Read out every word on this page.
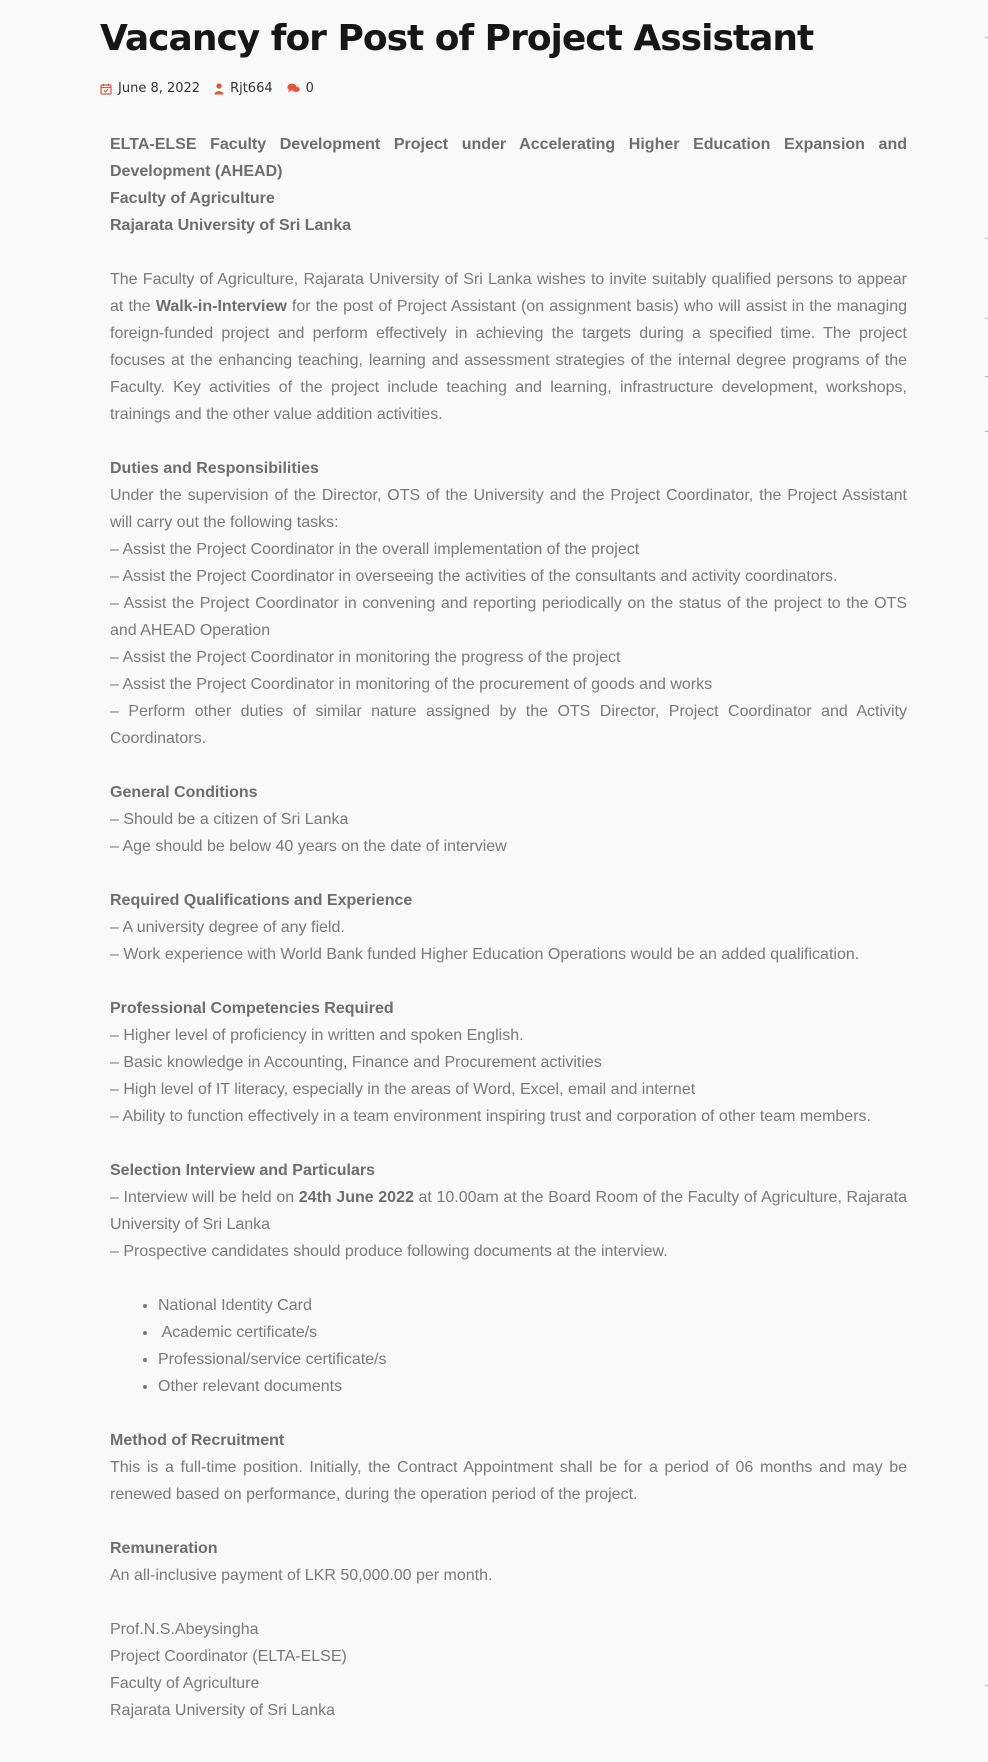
Vacancy for Post of Project Assistant
June 8, 2022 Rjt664	0

ELTA-ELSE Faculty Development Project under Accelerating Higher Education Expansion and Development (AHEAD)
Faculty of Agriculture
Rajarata University of Sri Lanka

The Faculty of Agriculture, Rajarata University of Sri Lanka wishes to invite suitably qualified persons to appear at the Walk-in-Interview for the post of Project Assistant (on assignment basis) who will assist in the managing foreign-funded project and perform effectively in achieving the targets during a specified time. The project focuses at the enhancing teaching, learning and assessment strategies of the internal degree programs of the Faculty. Key activities of the project include teaching and learning, infrastructure development, workshops, trainings and the other value addition activities.

Duties and Responsibilities
Under the supervision of the Director, OTS of the University and the Project Coordinator, the Project Assistant will carry out the following tasks:
– Assist the Project Coordinator in the overall implementation of the project
– Assist the Project Coordinator in overseeing the activities of the consultants and activity coordinators.
– Assist the Project Coordinator in convening and reporting periodically on the status of the project to the OTS and AHEAD Operation
– Assist the Project Coordinator in monitoring the progress of the project
– Assist the Project Coordinator in monitoring of the procurement of goods and works
– Perform other duties of similar nature assigned by the OTS Director, Project Coordinator and Activity Coordinators.

General Conditions
– Should be a citizen of Sri Lanka
– Age should be below 40 years on the date of interview

Required Qualifications and Experience
– A university degree of any field.
– Work experience with World Bank funded Higher Education Operations would be an added qualification.

Professional Competencies Required
– Higher level of proficiency in written and spoken English.
– Basic knowledge in Accounting, Finance and Procurement activities
– High level of IT literacy, especially in the areas of Word, Excel, email and internet
– Ability to function effectively in a team environment inspiring trust and corporation of other team members.

Selection Interview and Particulars
– Interview will be held on 24th June 2022 at 10.00am at the Board Room of the Faculty of Agriculture, Rajarata University of Sri Lanka
– Prospective candidates should produce following documents at the interview.

• National Identity Card
•  Academic certificate/s
• Professional/service certificate/s
• Other relevant documents

Method of Recruitment
This is a full-time position. Initially, the Contract Appointment shall be for a period of 06 months and may be renewed based on performance, during the operation period of the project.

Remuneration
An all-inclusive payment of LKR 50,000.00 per month.

Prof.N.S.Abeysingha
Project Coordinator (ELTA-ELSE)
Faculty of Agriculture
Rajarata University of Sri Lanka
